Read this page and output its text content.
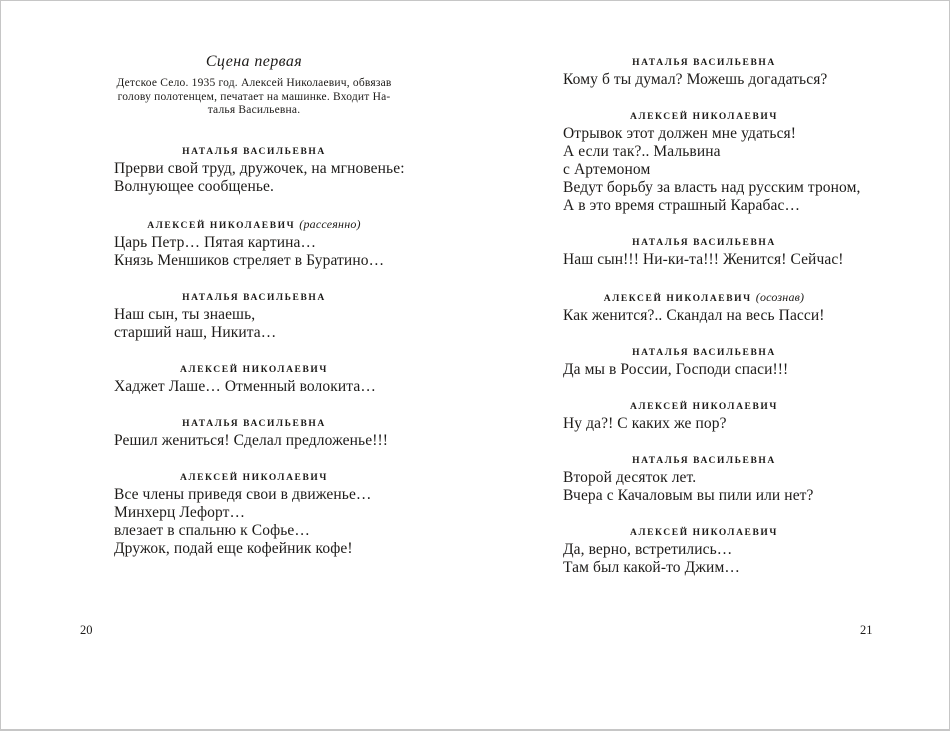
Сцена первая
Детское Село. 1935 год. Алексей Николаевич, обвязав
голову полотенцем, печатает на машинке. Входит На-
талья Васильевна.
НАТАЛЬЯ ВАСИЛЬЕВНА
Прерви свой труд, дружочек, на мгновенье:
Волнующее сообщенье.
АЛЕКСЕЙ НИКОЛАЕВИЧ (рассеянно)
Царь Петр… Пятая картина…
Князь Меншиков стреляет в Буратино…
НАТАЛЬЯ ВАСИЛЬЕВНА
Наш сын, ты знаешь,
старший наш, Никита…
АЛЕКСЕЙ НИКОЛАЕВИЧ
Хаджет Лаше… Отменный волокита…
НАТАЛЬЯ ВАСИЛЬЕВНА
Решил жениться! Сделал предложенье!!!
АЛЕКСЕЙ НИКОЛАЕВИЧ
Все члены приведя свои в движенье…
Минхерц Лефорт…
влезает в спальню к Софье…
Дружок, подай еще кофейник кофе!
НАТАЛЬЯ ВАСИЛЬЕВНА
Кому б ты думал? Можешь догадаться?
АЛЕКСЕЙ НИКОЛАЕВИЧ
Отрывок этот должен мне удаться!
А если так?.. Мальвина
с Артемоном
Ведут борьбу за власть над русским троном,
А в это время страшный Карабас…
НАТАЛЬЯ ВАСИЛЬЕВНА
Наш сын!!! Ни-ки-та!!! Женится! Сейчас!
АЛЕКСЕЙ НИКОЛАЕВИЧ (осознав)
Как женится?.. Скандал на весь Пасси!
НАТАЛЬЯ ВАСИЛЬЕВНА
Да мы в России, Господи спаси!!!
АЛЕКСЕЙ НИКОЛАЕВИЧ
Ну да?! С каких же пор?
НАТАЛЬЯ ВАСИЛЬЕВНА
Второй десяток лет.
Вчера с Качаловым вы пили или нет?
АЛЕКСЕЙ НИКОЛАЕВИЧ
Да, верно, встретились…
Там был какой-то Джим…
20	21
